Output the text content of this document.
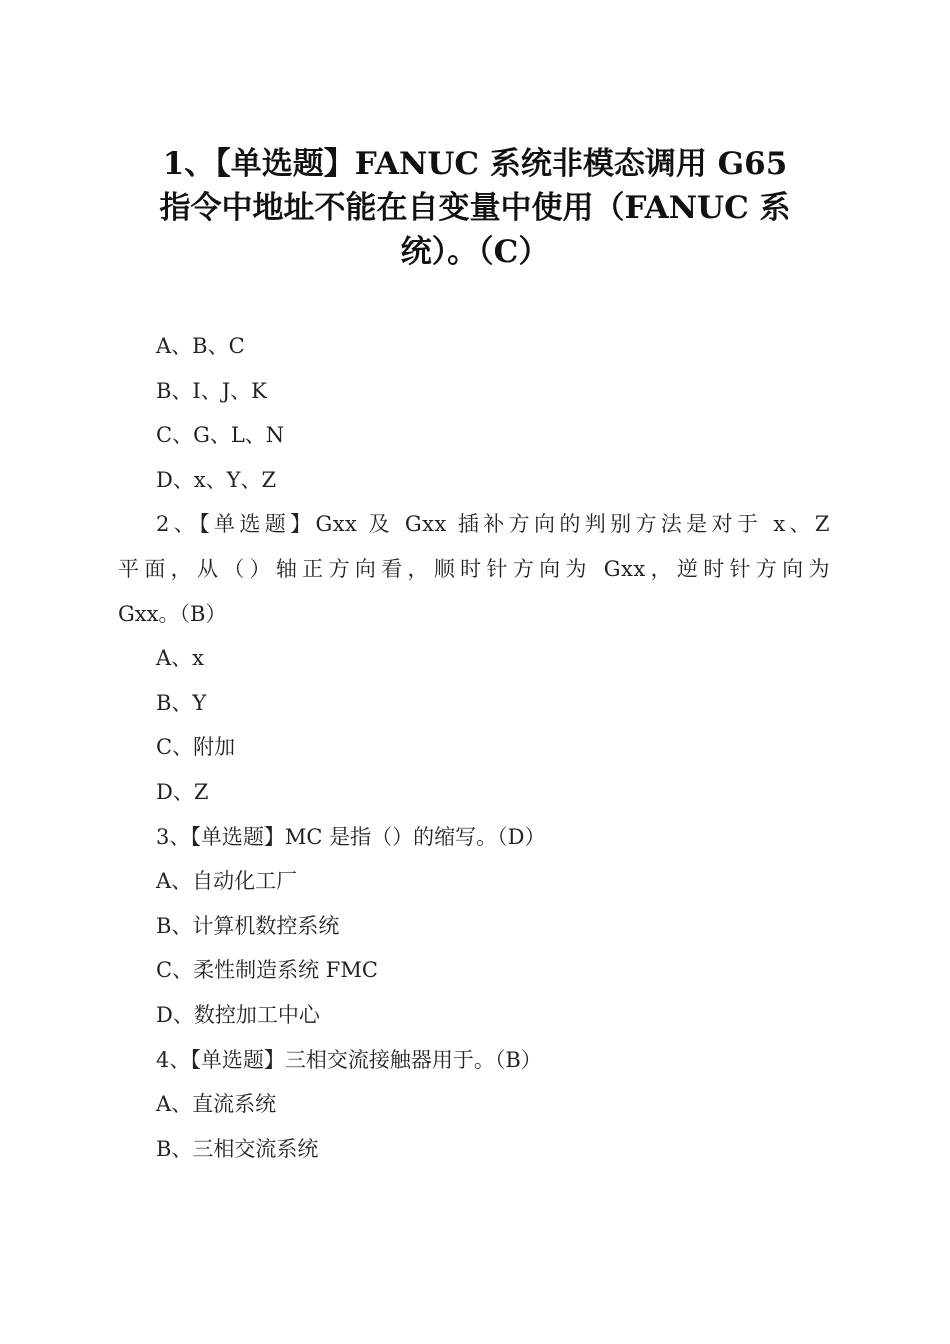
1、【单选题】FANUC 系统非模态调用 G65
指令中地址不能在自变量中使用（FANUC 系
统）。（C）
A、B、C
B、I、J、K
C、G、L、N
D、x、Y、Z
2、【单选题】Gxx 及 Gxx 插补方向的判别方法是对于 x、Z
平面，从（）轴正方向看，顺时针方向为 Gxx，逆时针方向为
Gxx。（B）
A、x
B、Y
C、附加
D、Z
3、【单选题】MC 是指（）的缩写。（D）
A、自动化工厂
B、计算机数控系统
C、柔性制造系统 FMC
D、数控加工中心
4、【单选题】三相交流接触器用于。（B）
A、直流系统
B、三相交流系统
